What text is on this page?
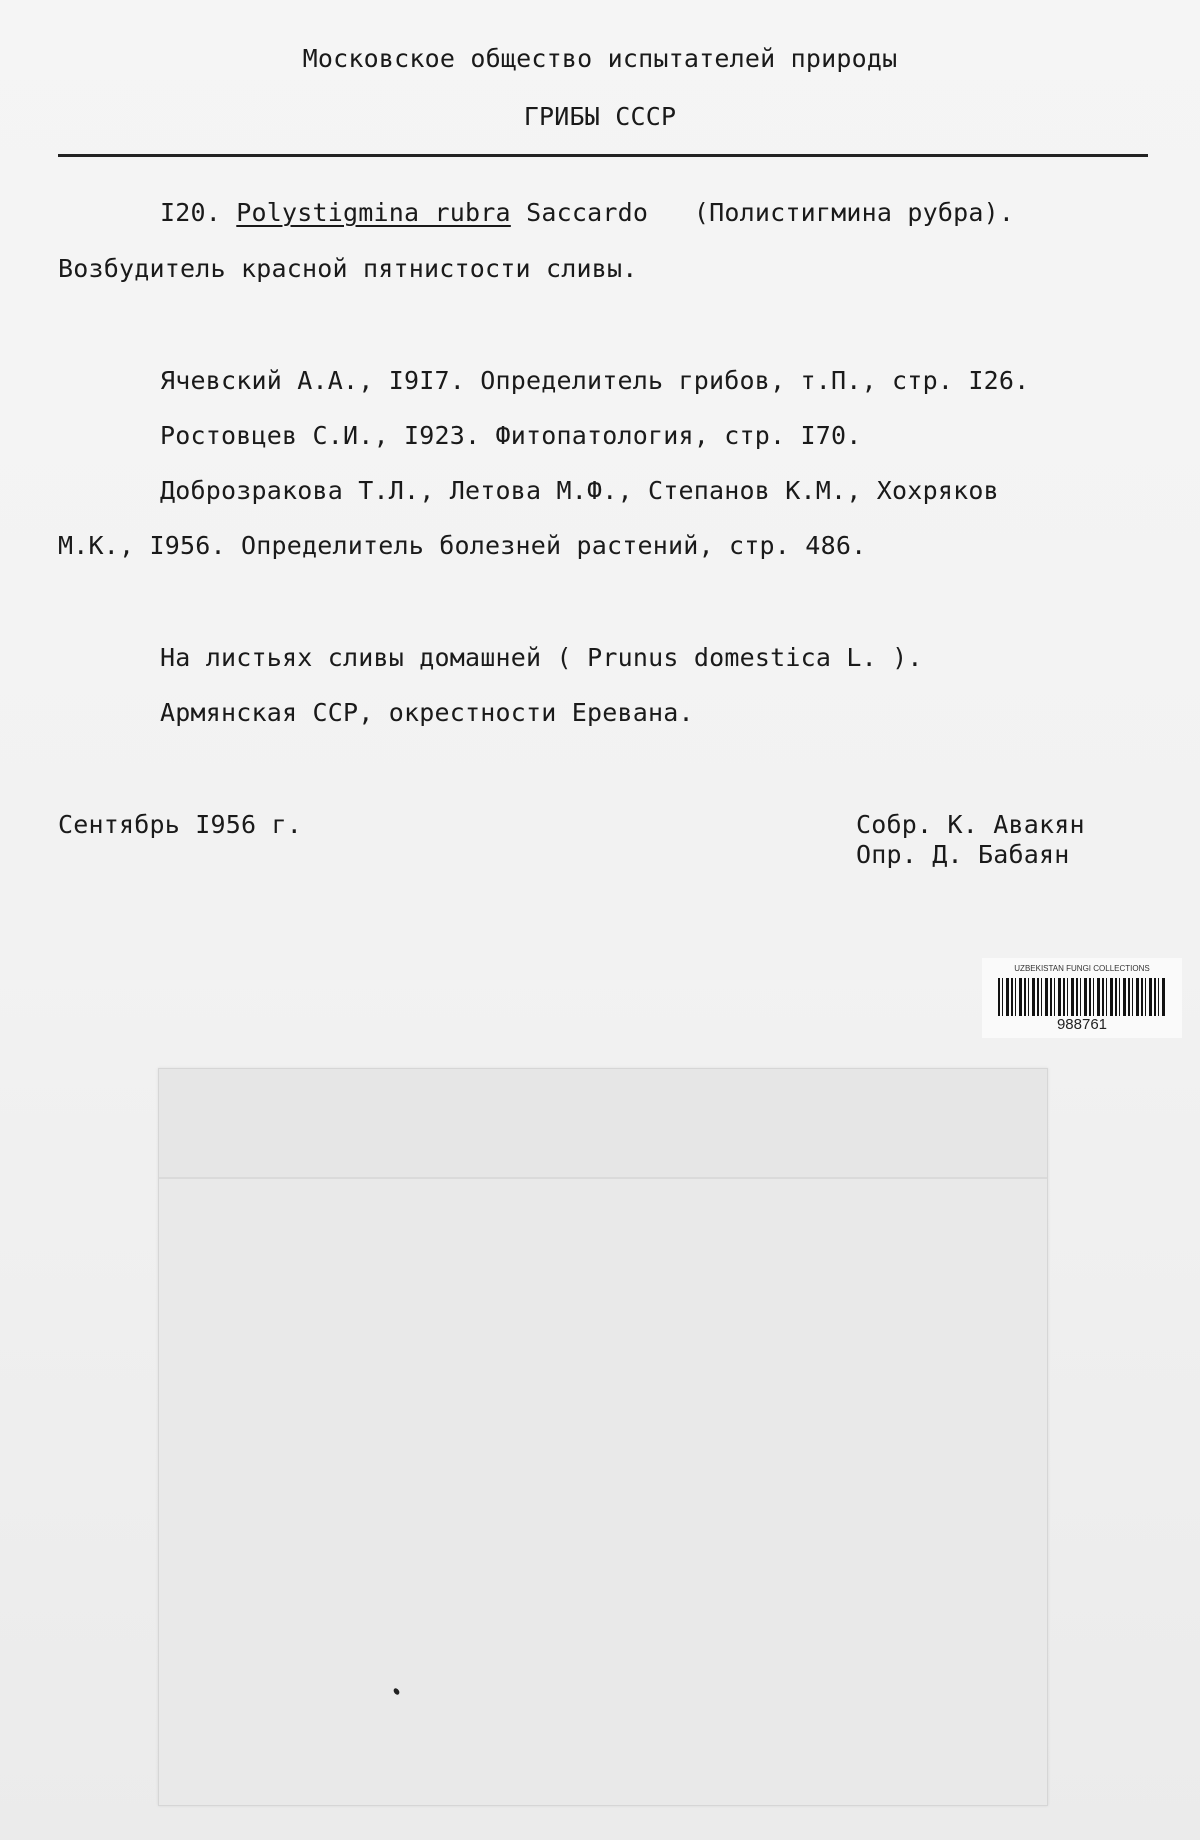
Московское общество испытателей природы
ГРИБЫ СССР
I20. Polystigmina rubra Saccardo (Полистигмина рубра).
Возбудитель красной пятнистости сливы.
Ячевский А.А., I9I7. Определитель грибов, т.П., стр. I26.
Ростовцев С.И., I923. Фитопатология, стр. I70.
Доброзракова Т.Л., Летова М.Ф., Степанов К.М., Хохряков
М.К., I956. Определитель болезней растений, стр. 486.
На листьях сливы домашней ( Prunus domestica L. ).
Армянская ССР, окрестности Еревана.
Сентябрь I956 г.	Собр. К. Авакян
Опр. Д. Бабаян
UZBEKISTAN FUNGI COLLECTIONS
988761
